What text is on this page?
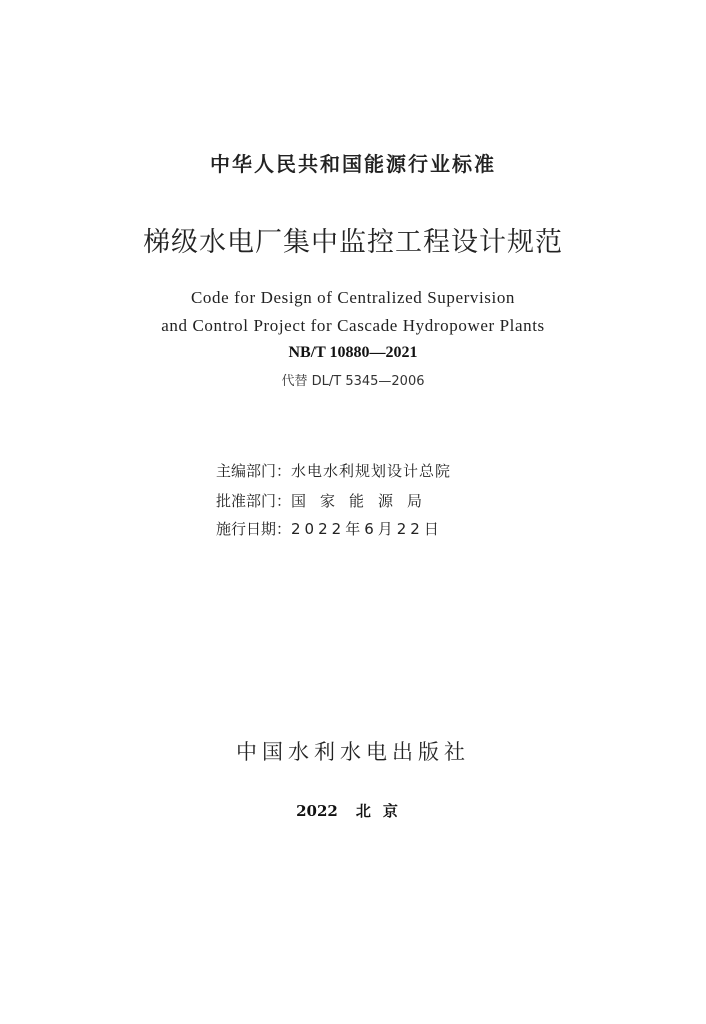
中华人民共和国能源行业标准
梯级水电厂集中监控工程设计规范
Code for Design of Centralized Supervision
and Control Project for Cascade Hydropower Plants
NB/T 10880—2021
代替 DL/T 5345—2006
主编部门：水电水利规划设计总院
批准部门：国家能源局
施行日期：2022年6月22日
中国水利水电出版社
2022 北京
